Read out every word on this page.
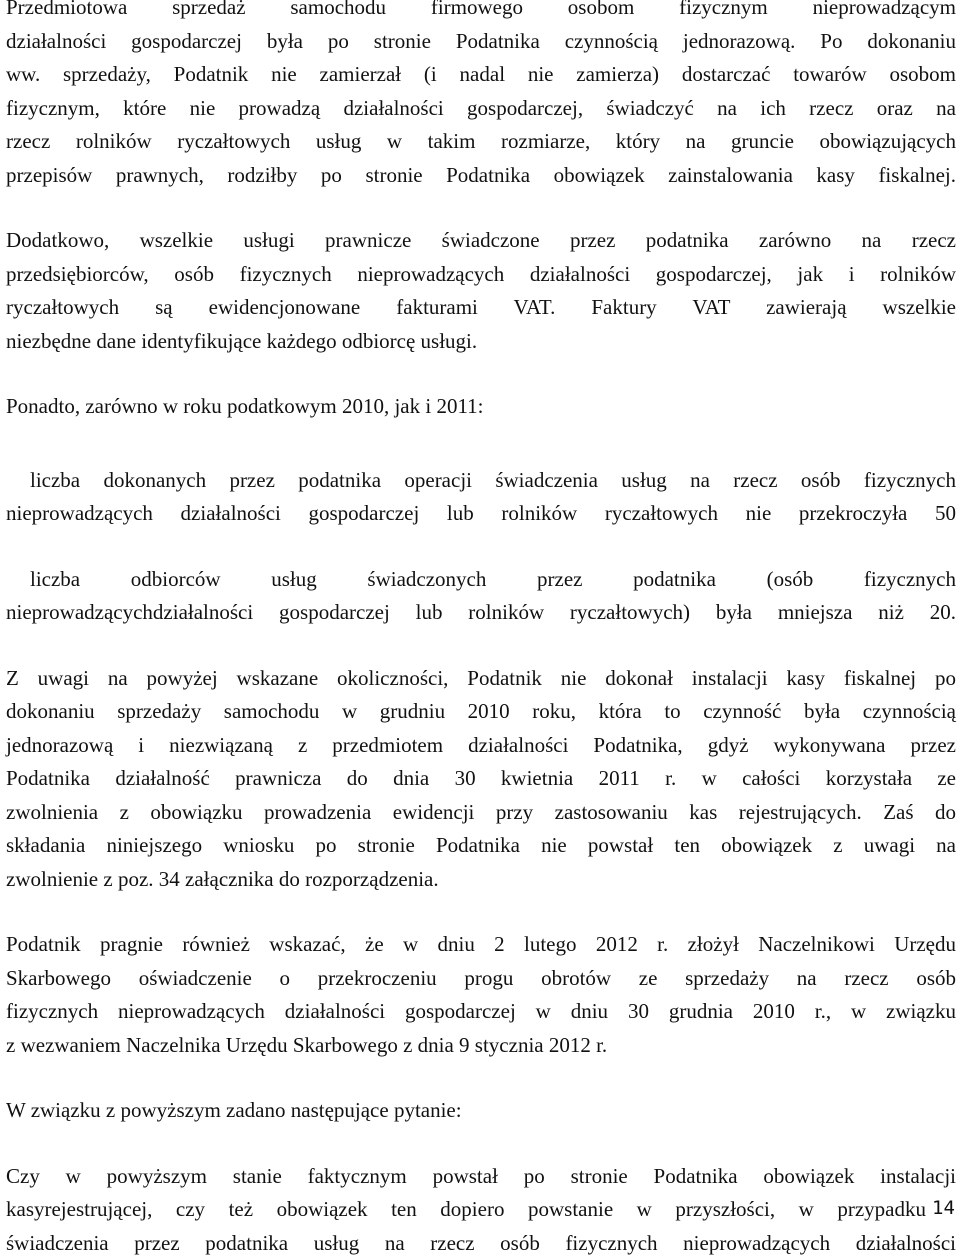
Przedmiotowa sprzedaż samochodu firmowego osobom fizycznym nieprowadzącym
działalności gospodarczej była po stronie Podatnika czynnością jednorazową. Po dokonaniu
ww. sprzedaży, Podatnik nie zamierzał (i nadal nie zamierza) dostarczać towarów osobom
fizycznym, które nie prowadzą działalności gospodarczej, świadczyć na ich rzecz oraz na
rzecz rolników ryczałtowych usług w takim rozmiarze, który na gruncie obowiązujących
przepisów prawnych, rodziłby po stronie Podatnika obowiązek zainstalowania kasy fiskalnej.
Dodatkowo, wszelkie usługi prawnicze świadczone przez podatnika zarówno na rzecz
przedsiębiorców, osób fizycznych nieprowadzących działalności gospodarczej, jak i rolników
ryczałtowych są ewidencjonowane fakturami VAT. Faktury VAT zawierają wszelkie
niezbędne dane identyfikujące każdego odbiorcę usługi.
Ponadto, zarówno w roku podatkowym 2010, jak i 2011:
liczba dokonanych przez podatnika operacji świadczenia usług na rzecz osób fizycznych
nieprowadzących działalności gospodarczej lub rolników ryczałtowych nie przekroczyła 50
liczba odbiorców usług świadczonych przez podatnika (osób fizycznych
nieprowadzącychdziałalności gospodarczej lub rolników ryczałtowych) była mniejsza niż 20.
Z uwagi na powyżej wskazane okoliczności, Podatnik nie dokonał instalacji kasy fiskalnej po
dokonaniu sprzedaży samochodu w grudniu 2010 roku, która to czynność była czynnością
jednorazową i niezwiązaną z przedmiotem działalności Podatnika, gdyż wykonywana przez
Podatnika działalność prawnicza do dnia 30 kwietnia 2011 r. w całości korzystała ze
zwolnienia z obowiązku prowadzenia ewidencji przy zastosowaniu kas rejestrujących. Zaś do
składania niniejszego wniosku po stronie Podatnika nie powstał ten obowiązek z uwagi na
zwolnienie z poz. 34 załącznika do rozporządzenia.
Podatnik pragnie również wskazać, że w dniu 2 lutego 2012 r. złożył Naczelnikowi Urzędu
Skarbowego oświadczenie o przekroczeniu progu obrotów ze sprzedaży na rzecz osób
fizycznych nieprowadzących działalności gospodarczej w dniu 30 grudnia 2010 r., w związku
z wezwaniem Naczelnika Urzędu Skarbowego z dnia 9 stycznia 2012 r.
W związku z powyższym zadano następujące pytanie:
Czy w powyższym stanie faktycznym powstał po stronie Podatnika obowiązek instalacji
kasyrejestrującej, czy też obowiązek ten dopiero powstanie w przyszłości, w przypadku
świadczenia przez podatnika usług na rzecz osób fizycznych nieprowadzących działalności
14
